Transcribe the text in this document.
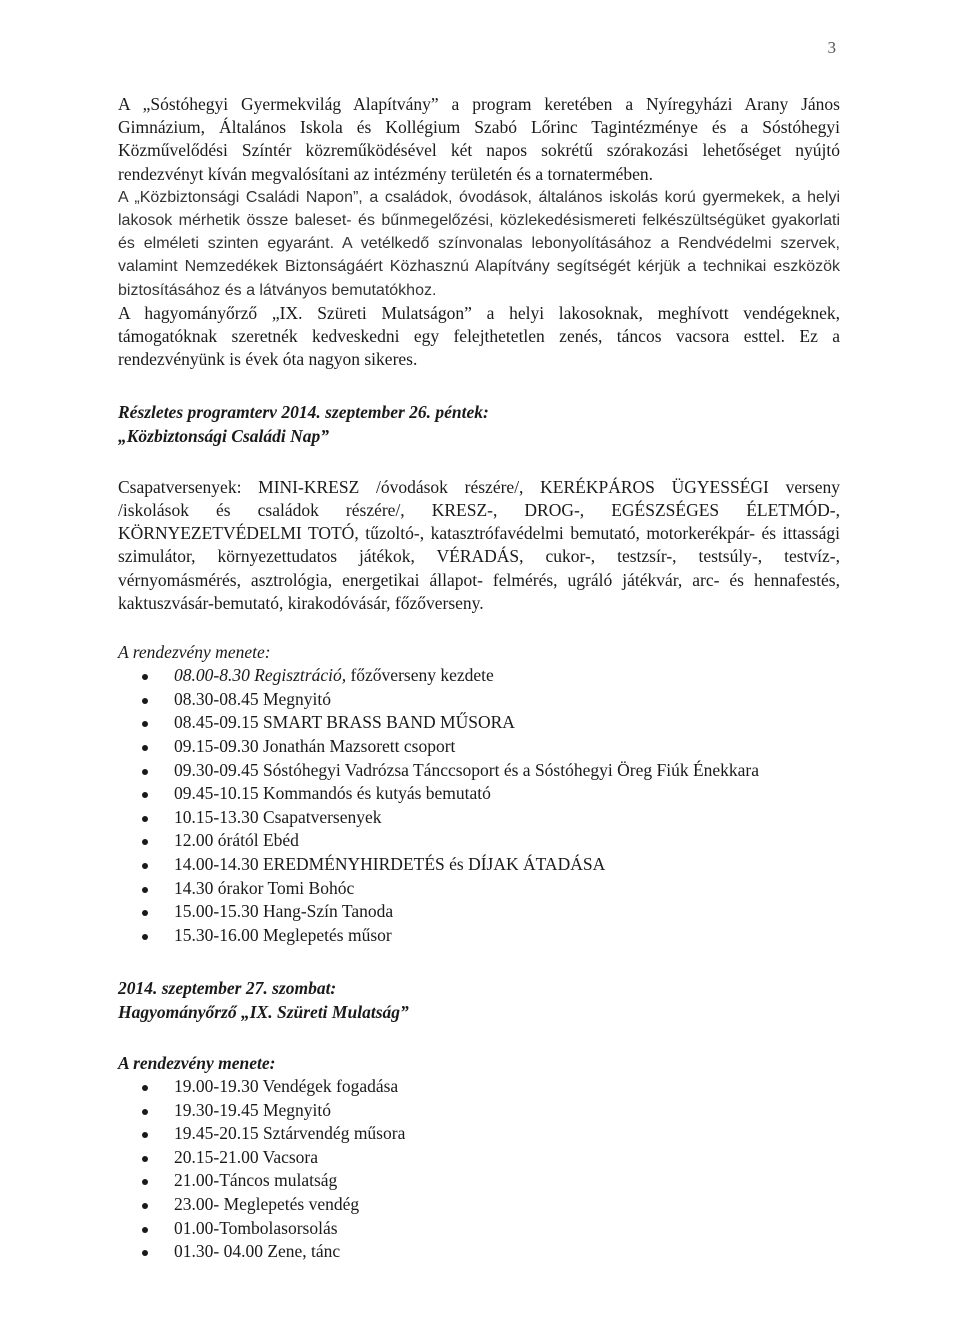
3

A „Sóstóhegyi Gyermekvilág Alapítvány” a program keretében a Nyíregyházi Arany János Gimnázium, Általános Iskola és Kollégium Szabó Lőrinc Tagintézménye és a Sóstóhegyi Közművelődési Színtér közreműködésével két napos sokrétű szórakozási lehetőséget nyújtó rendezvényt kíván megvalósítani az intézmény területén és a tornatermében.

A „Közbiztonsági Családi Napon”, a családok, óvodások, általános iskolás korú gyermekek, a helyi lakosok mérhetik össze baleset- és bűnmegelőzési, közlekedésismereti felkészültségüket gyakorlati és elméleti szinten egyaránt. A vetélkedő színvonalas lebonyolításához a Rendvédelmi szervek, valamint Nemzedékek Biztonságáért Közhasznú Alapítvány segítségét kérjük a technikai eszközök biztosításához és a látványos bemutatókhoz.

A hagyományőrző „IX. Szüreti Mulatságon” a helyi lakosoknak, meghívott vendégeknek, támogatóknak szeretnék kedveskedni egy felejthetetlen zenés, táncos vacsora esttel. Ez a rendezvényünk is évek óta nagyon sikeres.

Részletes programterv 2014. szeptember 26. péntek:

„Közbiztonsági Családi Nap”

Csapatversenyek: MINI-KRESZ /óvodások részére/, KERÉKPÁROS ÜGYESSÉGI verseny /iskolások és családok részére/, KRESZ-, DROG-, EGÉSZSÉGES ÉLETMÓD-, KÖRNYEZETVÉDELMI TOTÓ, tűzoltó-, katasztrófavédelmi bemutató, motorkerékpár- és ittassági szimulátor, környezettudatos játékok, VÉRADÁS, cukor-, testzsír-, testsúly-, testvíz-, vérnyomásmérés, asztrológia, energetikai állapot- felmérés, ugráló játékvár, arc- és hennafestés, kaktuszvásár-bemutató, kirakodóvásár, főzőverseny.

A rendezvény menete:

08.00-8.30 Regisztráció, főzőverseny kezdete
08.30-08.45 Megnyitó
08.45-09.15 SMART BRASS BAND MŰSORA
09.15-09.30 Jonathán Mazsorett csoport
09.30-09.45 Sóstóhegyi Vadrózsa Tánccsoport és a Sóstóhegyi Öreg Fiúk Énekkara
09.45-10.15 Kommandós és kutyás bemutató
10.15-13.30 Csapatversenyek
12.00 órától Ebéd
14.00-14.30 EREDMÉNYHIRDETÉS és DÍJAK ÁTADÁSA
14.30 órakor Tomi Bohóc
15.00-15.30 Hang-Szín Tanoda
15.30-16.00 Meglepetés műsor

2014. szeptember 27. szombat:

Hagyományőrző „IX. Szüreti Mulatság”

A rendezvény menete:

19.00-19.30 Vendégek fogadása
19.30-19.45 Megnyitó
19.45-20.15 Sztárvendég műsora
20.15-21.00 Vacsora
21.00-Táncos mulatság
23.00- Meglepetés vendég
01.00-Tombolasorsolás
01.30- 04.00 Zene, tánc
